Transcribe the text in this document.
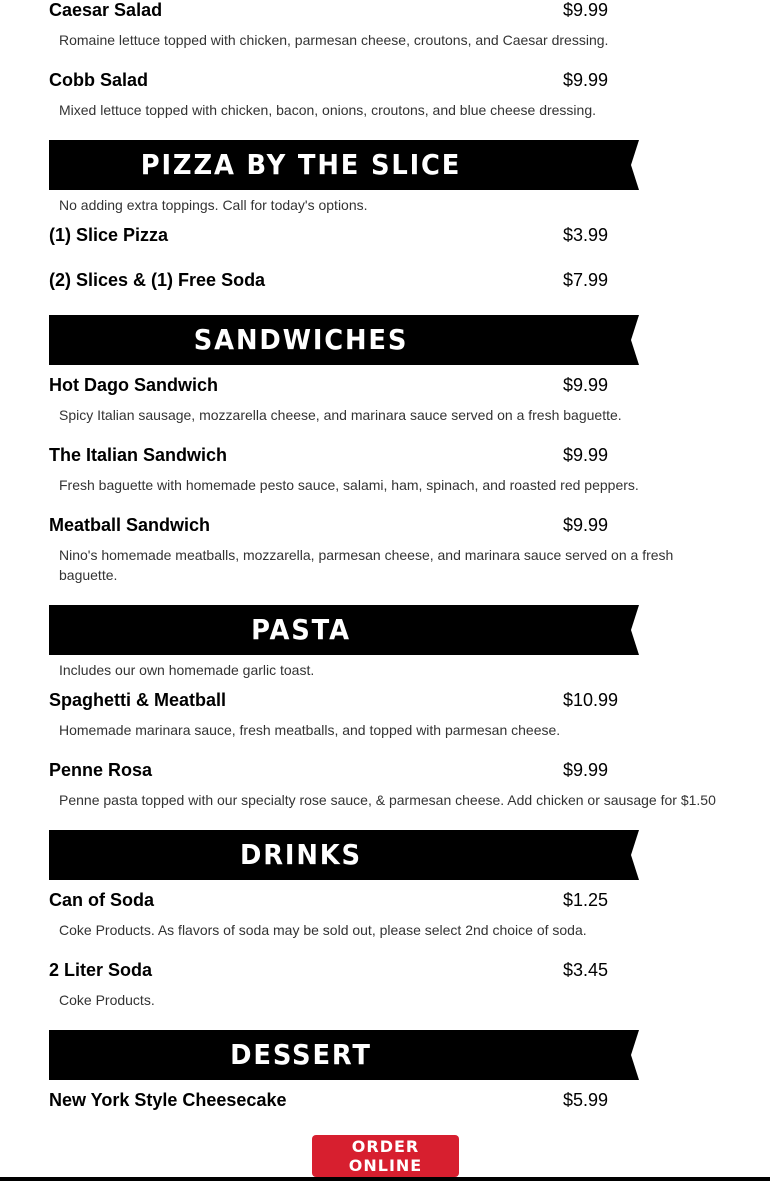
Caesar Salad	$9.99
Romaine lettuce topped with chicken, parmesan cheese, croutons, and Caesar dressing.
Cobb Salad	$9.99
Mixed lettuce topped with chicken, bacon, onions, croutons, and blue cheese dressing.
PIZZA BY THE SLICE
No adding extra toppings. Call for today's options.
(1) Slice Pizza	$3.99
(2) Slices & (1) Free Soda	$7.99
SANDWICHES
Hot Dago Sandwich	$9.99
Spicy Italian sausage, mozzarella cheese, and marinara sauce served on a fresh baguette.
The Italian Sandwich	$9.99
Fresh baguette with homemade pesto sauce, salami, ham, spinach, and roasted red peppers.
Meatball Sandwich	$9.99
Nino's homemade meatballs, mozzarella, parmesan cheese, and marinara sauce served on a fresh baguette.
PASTA
Includes our own homemade garlic toast.
Spaghetti & Meatball	$10.99
Homemade marinara sauce, fresh meatballs, and topped with parmesan cheese.
Penne Rosa	$9.99
Penne pasta topped with our specialty rose sauce, & parmesan cheese. Add chicken or sausage for $1.50
DRINKS
Can of Soda	$1.25
Coke Products. As flavors of soda may be sold out, please select 2nd choice of soda.
2 Liter Soda	$3.45
Coke Products.
DESSERT
New York Style Cheesecake	$5.99
ORDER ONLINE
